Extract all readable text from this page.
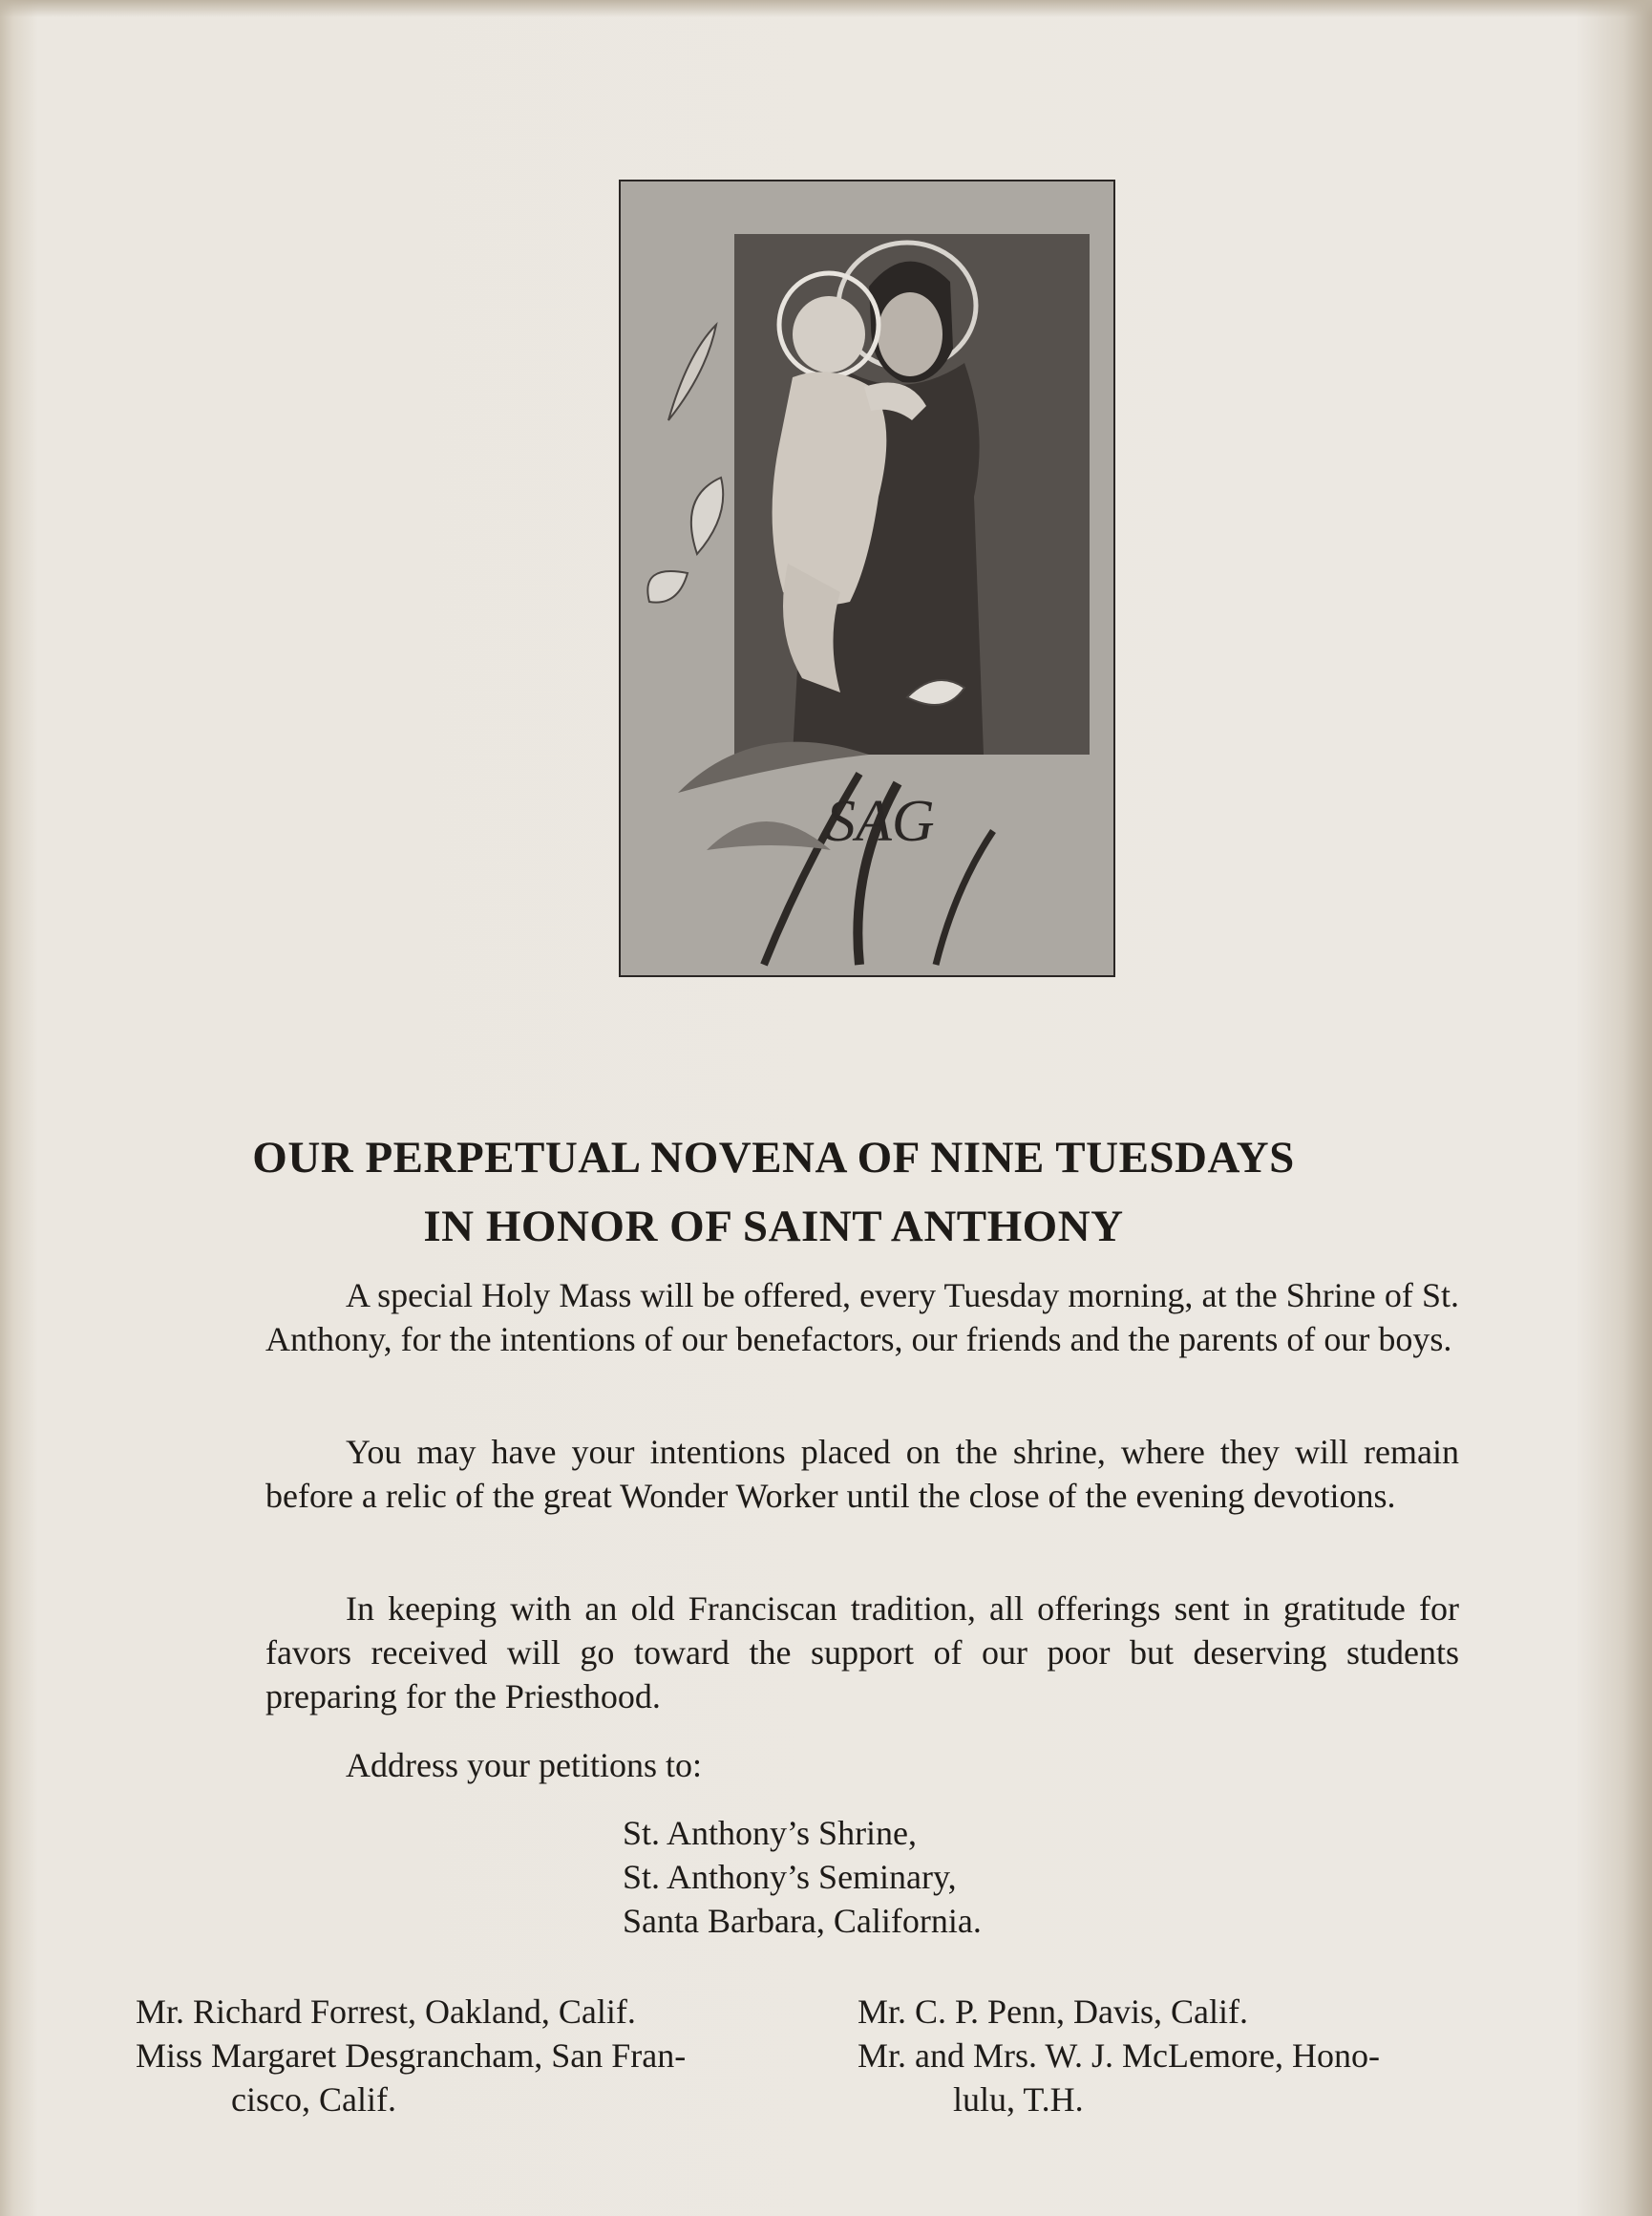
SAG
OUR PERPETUAL NOVENA OF NINE TUESDAYS
IN HONOR OF SAINT ANTHONY

A special Holy Mass will be offered, every Tuesday morning, at the Shrine of St. Anthony, for the intentions of our benefactors, our friends and the parents of our boys.

You may have your intentions placed on the shrine, where they will remain before a relic of the great Wonder Worker until the close of the evening devotions.

In keeping with an old Franciscan tradition, all offerings sent in gratitude for favors received will go toward the support of our poor but deserving students preparing for the Priesthood.

Address your petitions to:

St. Anthony’s Shrine,

St. Anthony’s Seminary,

Santa Barbara, California.

Mr. Richard Forrest, Oakland, Calif.

Miss Margaret Desgrancham, San Fran-
cisco, Calif.

Mr. C. P. Penn, Davis, Calif.

Mr. and Mrs. W. J. McLemore, Hono-
lulu, T.H.
